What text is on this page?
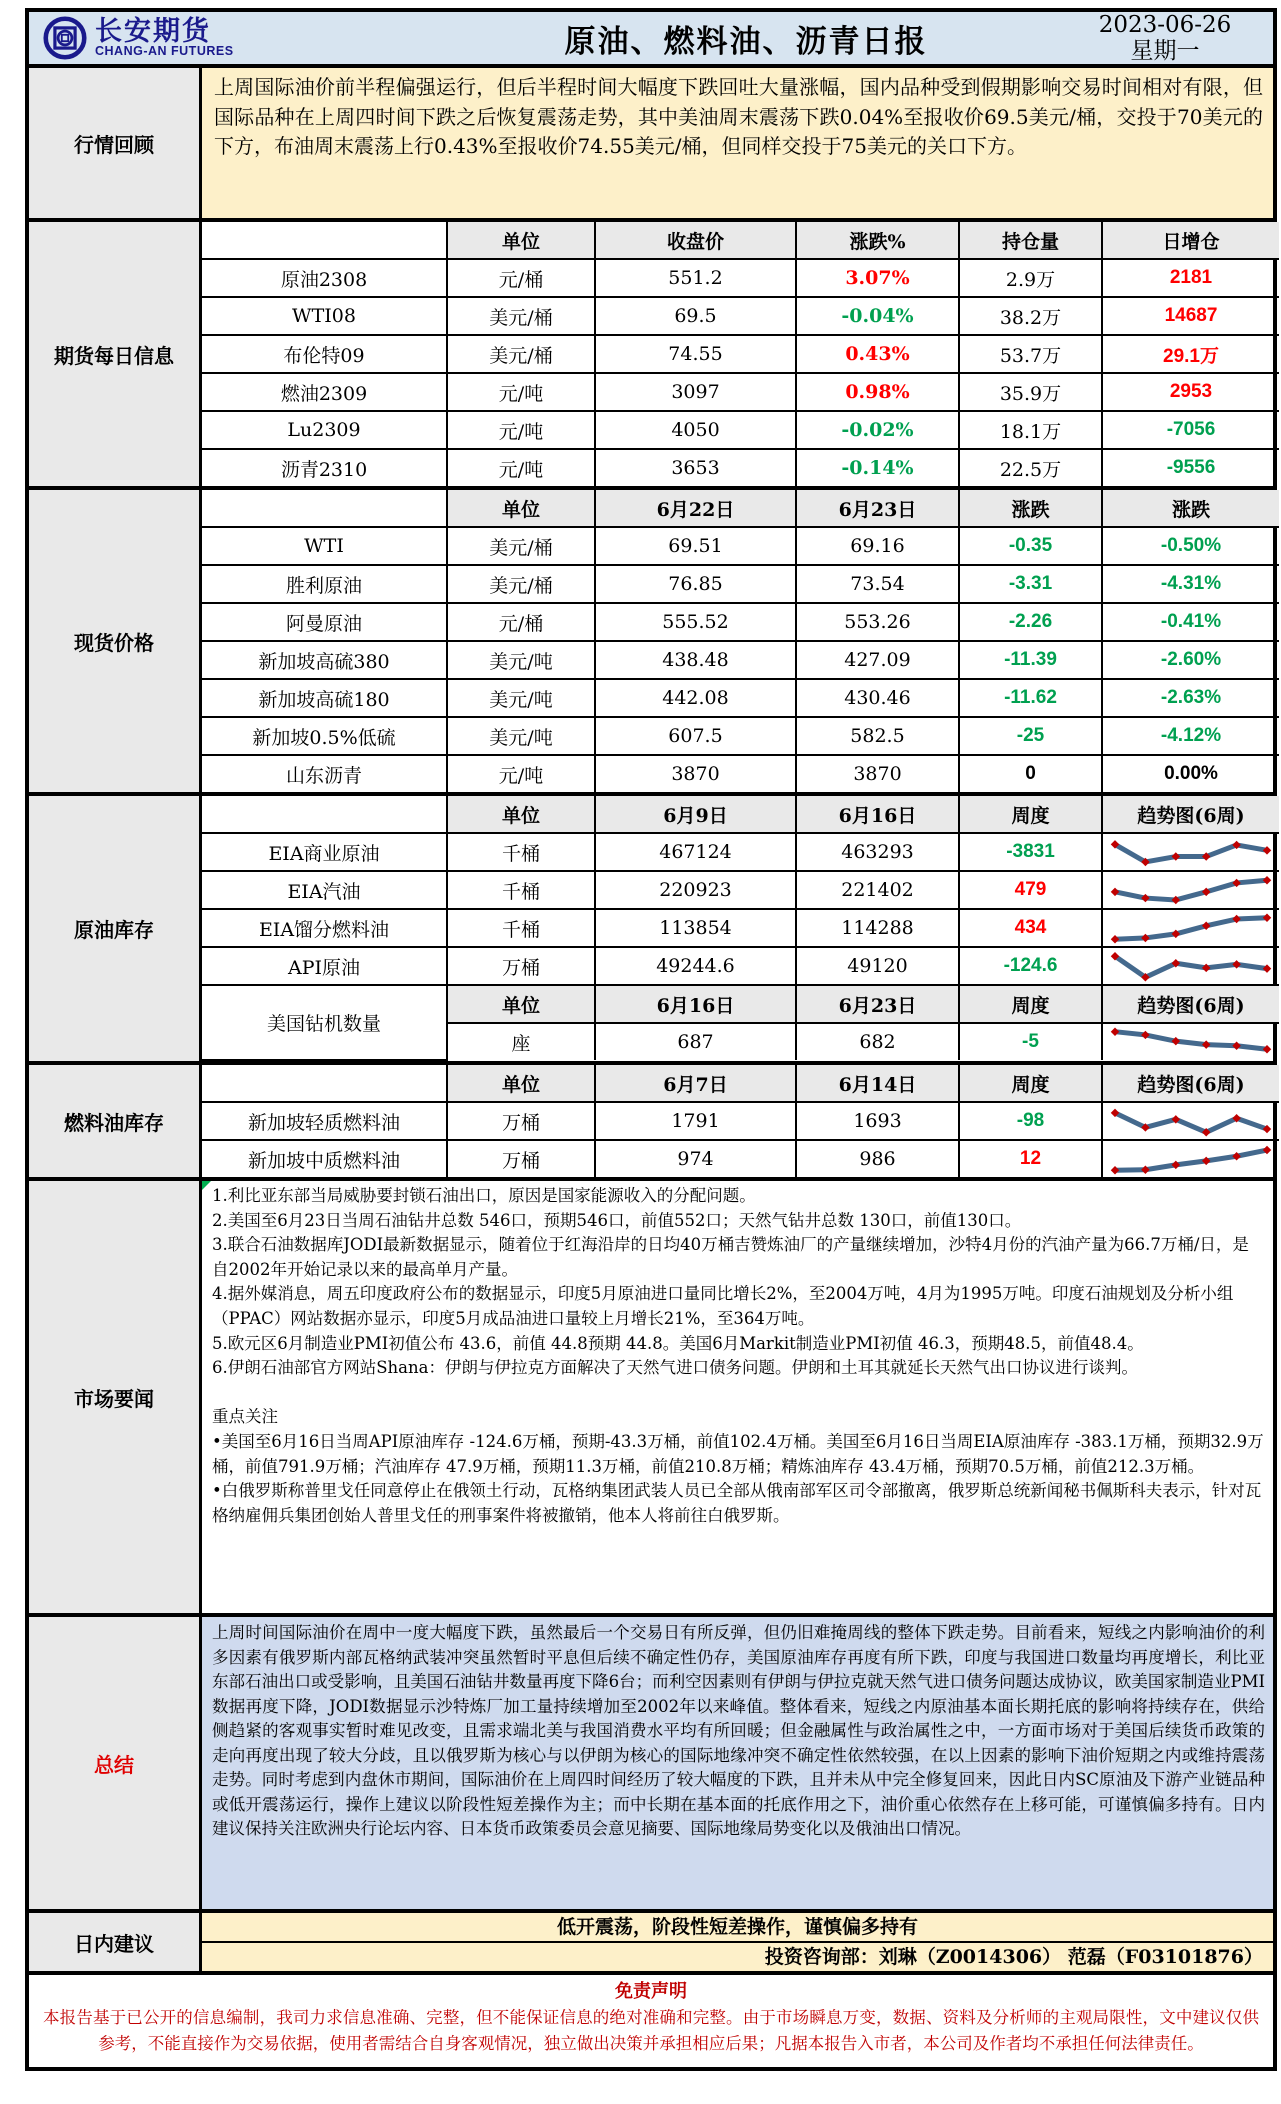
长安期货
CHANG-AN FUTURES	原油、燃料油、沥青日报	2023-06-26
星期一
行情回顾
上周国际油价前半程偏强运行，但后半程时间大幅度下跌回吐大量涨幅，国内品种受到假期影响交易时间相对有限，但国际品种在上周四时间下跌之后恢复震荡走势，其中美油周末震荡下跌0.04%至报收价69.5美元/桶，交投于70美元的下方，布油周末震荡上行0.43%至报收价74.55美元/桶，但同样交投于75美元的关口下方。
期货每日信息
	单位	收盘价	涨跌%	持仓量	日增仓
原油2308	元/桶	551.2	3.07%	2.9万	2181
WTI08	美元/桶	69.5	-0.04%	38.2万	14687
布伦特09	美元/桶	74.55	0.43%	53.7万	29.1万
燃油2309	元/吨	3097	0.98%	35.9万	2953
Lu2309	元/吨	4050	-0.02%	18.1万	-7056
沥青2310	元/吨	3653	-0.14%	22.5万	-9556
现货价格
	单位	6月22日	6月23日	涨跌	涨跌
WTI	美元/桶	69.51	69.16	-0.35	-0.50%
胜利原油	美元/桶	76.85	73.54	-3.31	-4.31%
阿曼原油	元/桶	555.52	553.26	-2.26	-0.41%
新加坡高硫380	美元/吨	438.48	427.09	-11.39	-2.60%
新加坡高硫180	美元/吨	442.08	430.46	-11.62	-2.63%
新加坡0.5%低硫	美元/吨	607.5	582.5	-25	-4.12%
山东沥青	元/吨	3870	3870	0	0.00%
原油库存
	单位	6月9日	6月16日	周度	趋势图(6周)
EIA商业原油	千桶	467124	463293	-3831	

EIA汽油	千桶	220923	221402	479	

EIA馏分燃料油	千桶	113854	114288	434	

API原油	万桶	49244.6	49120	-124.6	

美国钻机数量	单位	6月16日	6月23日	周度	趋势图(6周)
	座	687	682	-5	
燃料油库存
	单位	6月7日	6月14日	周度	趋势图(6周)
新加坡轻质燃料油	万桶	1791	1693	-98	

新加坡中质燃料油	万桶	974	986	12	
市场要闻
1.利比亚东部当局威胁要封锁石油出口，原因是国家能源收入的分配问题。
2.美国至6月23日当周石油钻井总数 546口，预期546口，前值552口；天然气钻井总数 130口，前值130口。
3.联合石油数据库JODI最新数据显示，随着位于红海沿岸的日均40万桶吉赞炼油厂的产量继续增加，沙特4月份的汽油产量为66.7万桶/日，是自2002年开始记录以来的最高单月产量。
4.据外媒消息，周五印度政府公布的数据显示，印度5月原油进口量同比增长2%，至2004万吨，4月为1995万吨。印度石油规划及分析小组（PPAC）网站数据亦显示，印度5月成品油进口量较上月增长21%，至364万吨。
5.欧元区6月制造业PMI初值公布 43.6，前值 44.8预期 44.8。美国6月Markit制造业PMI初值 46.3，预期48.5，前值48.4。
6.伊朗石油部官方网站Shana：伊朗与伊拉克方面解决了天然气进口债务问题。伊朗和土耳其就延长天然气出口协议进行谈判。
重点关注
•美国至6月16日当周API原油库存 -124.6万桶，预期-43.3万桶，前值102.4万桶。美国至6月16日当周EIA原油库存 -383.1万桶，预期32.9万桶，前值791.9万桶；汽油库存 47.9万桶，预期11.3万桶，前值210.8万桶；精炼油库存 43.4万桶，预期70.5万桶，前值212.3万桶。
•白俄罗斯称普里戈任同意停止在俄领土行动，瓦格纳集团武装人员已全部从俄南部军区司令部撤离，俄罗斯总统新闻秘书佩斯科夫表示，针对瓦格纳雇佣兵集团创始人普里戈任的刑事案件将被撤销，他本人将前往白俄罗斯。
总结
上周时间国际油价在周中一度大幅度下跌，虽然最后一个交易日有所反弹，但仍旧难掩周线的整体下跌走势。目前看来，短线之内影响油价的利多因素有俄罗斯内部瓦格纳武装冲突虽然暂时平息但后续不确定性仍存，美国原油库存再度有所下跌，印度与我国进口数量均再度增长，利比亚东部石油出口或受影响，且美国石油钻井数量再度下降6台；而利空因素则有伊朗与伊拉克就天然气进口债务问题达成协议，欧美国家制造业PMI数据再度下降，JODI数据显示沙特炼厂加工量持续增加至2002年以来峰值。整体看来，短线之内原油基本面长期托底的影响将持续存在，供给侧趋紧的客观事实暂时难见改变，且需求端北美与我国消费水平均有所回暖；但金融属性与政治属性之中，一方面市场对于美国后续货币政策的走向再度出现了较大分歧，且以俄罗斯为核心与以伊朗为核心的国际地缘冲突不确定性依然较强，在以上因素的影响下油价短期之内或维持震荡走势。同时考虑到内盘休市期间，国际油价在上周四时间经历了较大幅度的下跌，且并未从中完全修复回来，因此日内SC原油及下游产业链品种或低开震荡运行，操作上建议以阶段性短差操作为主；而中长期在基本面的托底作用之下，油价重心依然存在上移可能，可谨慎偏多持有。日内建议保持关注欧洲央行论坛内容、日本货币政策委员会意见摘要、国际地缘局势变化以及俄油出口情况。
日内建议
低开震荡，阶段性短差操作，谨慎偏多持有
投资咨询部：刘琳（Z0014306） 范磊（F03101876）
免责声明
本报告基于已公开的信息编制，我司力求信息准确、完整，但不能保证信息的绝对准确和完整。由于市场瞬息万变，数据、资料及分析师的主观局限性，文中建议仅供参考，不能直接作为交易依据，使用者需结合自身客观情况，独立做出决策并承担相应后果；凡据本报告入市者，本公司及作者均不承担任何法律责任。
